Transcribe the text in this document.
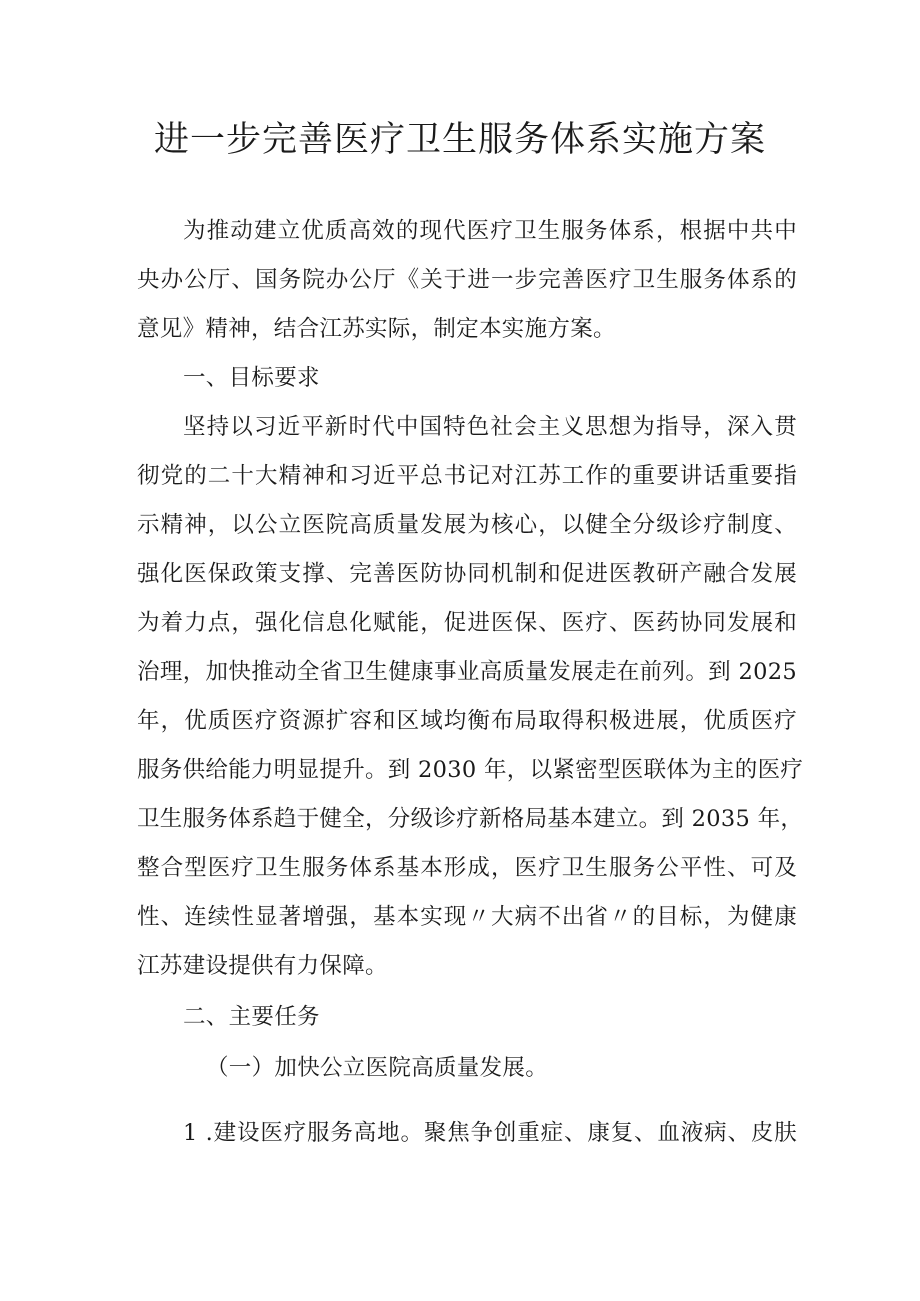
进一步完善医疗卫生服务体系实施方案
为推动建立优质高效的现代医疗卫生服务体系，根据中共中
央办公厅、国务院办公厅《关于进一步完善医疗卫生服务体系的
意见》精神，结合江苏实际，制定本实施方案。
一、目标要求
坚持以习近平新时代中国特色社会主义思想为指导，深入贯
彻党的二十大精神和习近平总书记对江苏工作的重要讲话重要指
示精神，以公立医院高质量发展为核心，以健全分级诊疗制度、
强化医保政策支撑、完善医防协同机制和促进医教研产融合发展
为着力点，强化信息化赋能，促进医保、医疗、医药协同发展和
治理，加快推动全省卫生健康事业高质量发展走在前列。到 2025
年，优质医疗资源扩容和区域均衡布局取得积极进展，优质医疗
服务供给能力明显提升。到 2030 年，以紧密型医联体为主的医疗
卫生服务体系趋于健全，分级诊疗新格局基本建立。到 2035 年，
整合型医疗卫生服务体系基本形成，医疗卫生服务公平性、可及
性、连续性显著增强，基本实现〃大病不出省〃的目标，为健康
江苏建设提供有力保障。
二、主要任务
（一）加快公立医院高质量发展。
1 .建设医疗服务高地。聚焦争创重症、康复、血液病、皮肤
